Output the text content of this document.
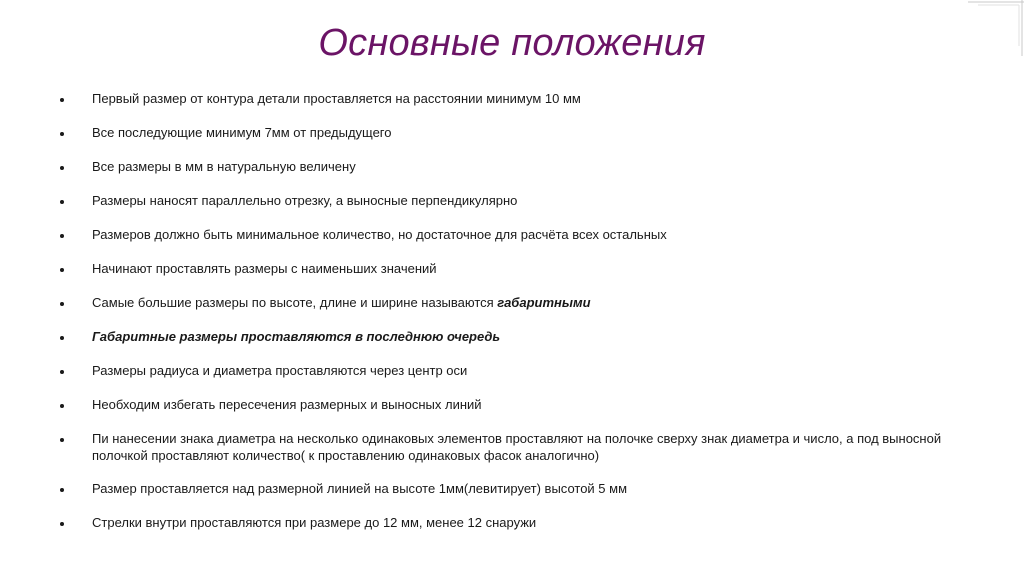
Основные положения
Первый размер от контура детали проставляется на расстоянии минимум 10 мм
Все последующие минимум 7мм от предыдущего
Все размеры в мм в натуральную величену
Размеры наносят параллельно отрезку, а выносные перпендикулярно
Размеров должно быть минимальное количество, но достаточное для расчёта всех остальных
Начинают проставлять размеры с наименьших значений
Самые большие размеры по высоте, длине и ширине называются габаритными
Габаритные размеры проставляются в последнюю очередь
Размеры радиуса и диаметра проставляются через центр оси
Необходим избегать пересечения размерных и выносных линий
Пи нанесении знака диаметра на несколько одинаковых элементов проставляют на полочке сверху знак диаметра и число, а под выносной полочкой проставляют количество( к проставлению одинаковых фасок аналогично)
Размер проставляется над размерной линией на высоте 1мм(левитирует) высотой 5 мм
Стрелки внутри проставляются при размере до 12 мм, менее 12 снаружи
